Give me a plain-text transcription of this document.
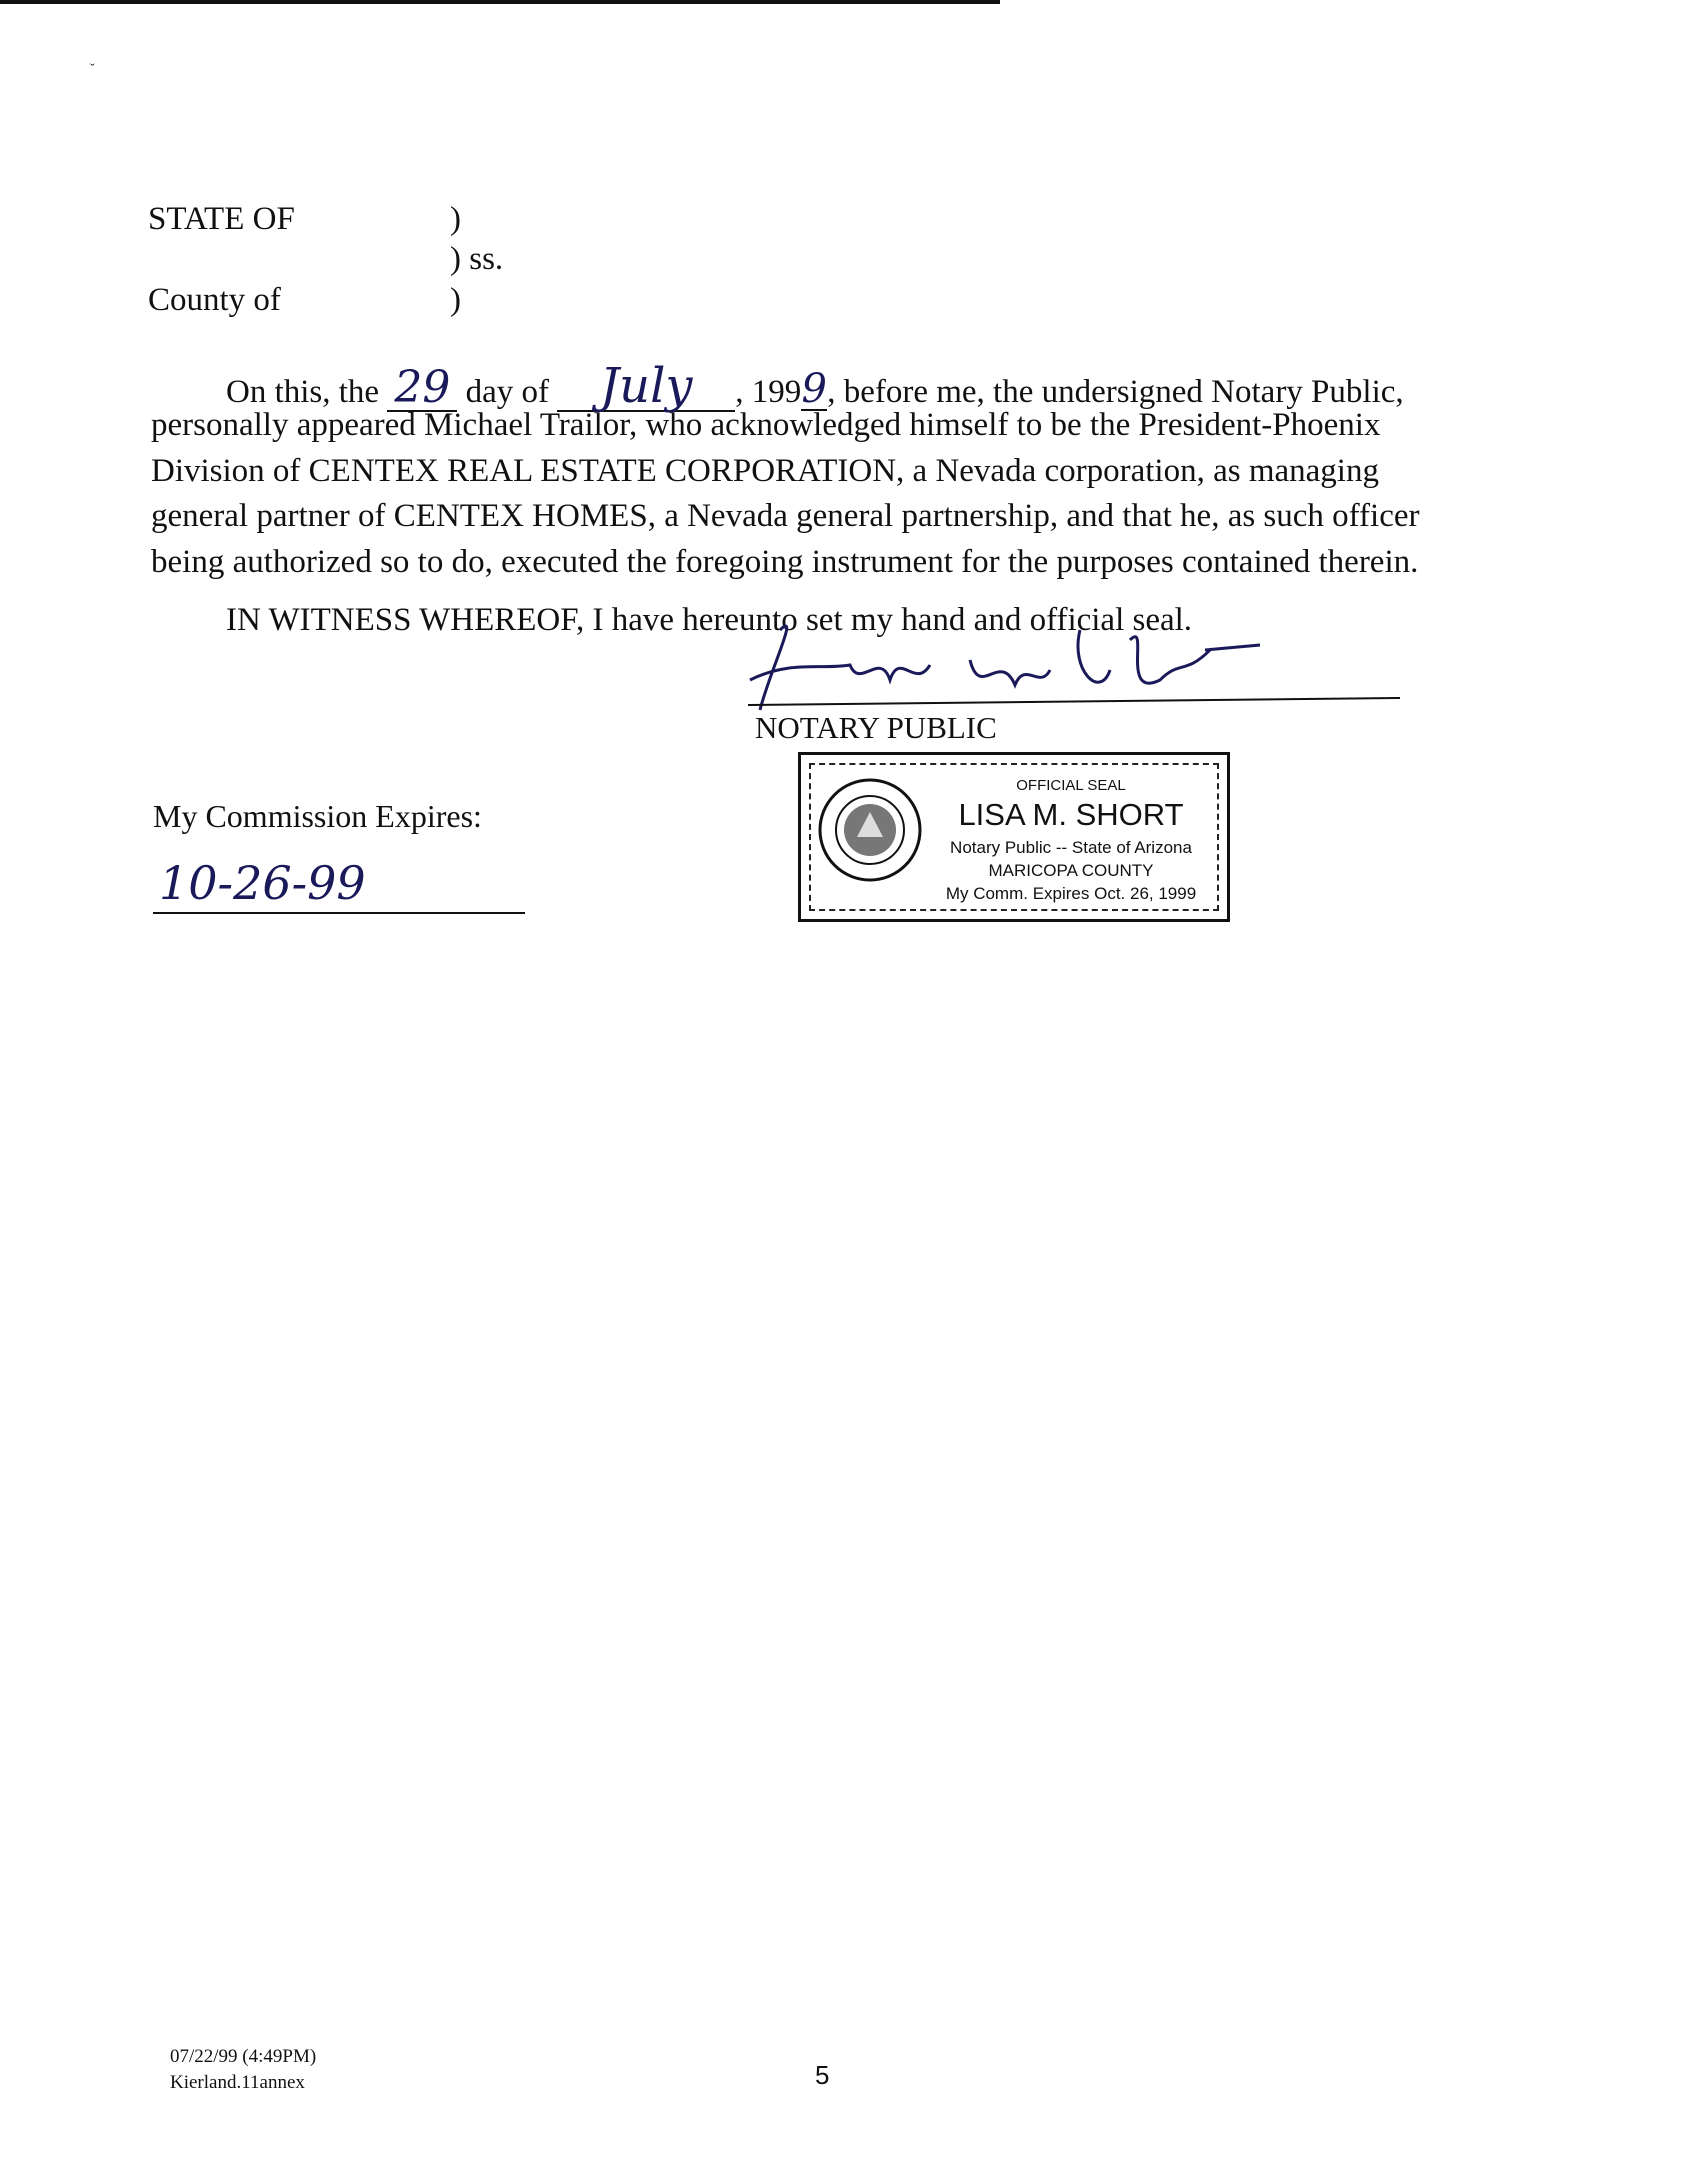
ˇ
STATE OF	)
) ss.
County of	)
On this, the 29 day of July , 1999, before me, the undersigned Notary Public,
personally appeared Michael Trailor, who acknowledged himself to be the President-Phoenix
Division of CENTEX REAL ESTATE CORPORATION, a Nevada corporation, as managing
general partner of CENTEX HOMES, a Nevada general partnership, and that he, as such officer
being authorized so to do, executed the foregoing instrument for the purposes contained therein.
IN WITNESS WHEREOF, I have hereunto set my hand and official seal.
NOTARY PUBLIC
My Commission Expires:
10-26-99
OFFICIAL SEAL
LISA M. SHORT
Notary Public -- State of Arizona
MARICOPA COUNTY
My Comm. Expires Oct. 26, 1999
07/22/99 (4:49PM)
Kierland.11annex	5
